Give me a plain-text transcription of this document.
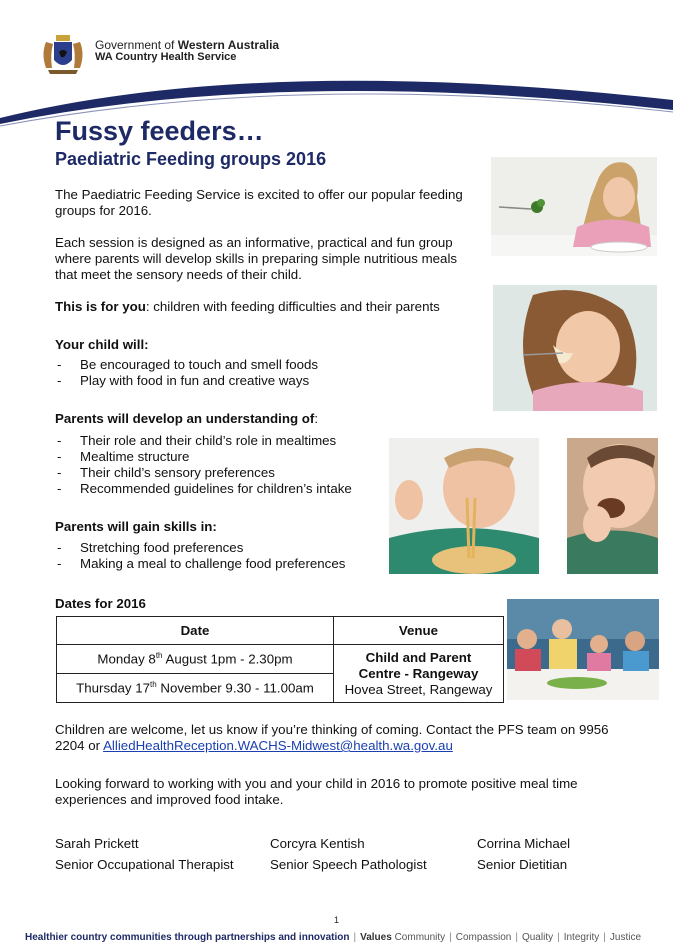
Government of Western Australia
WA Country Health Service
Fussy feeders…
Paediatric Feeding groups 2016
The Paediatric Feeding Service is excited to offer our popular feeding groups for 2016.
Each session is designed as an informative, practical and fun group where parents will develop skills in preparing simple nutritious meals that meet the sensory needs of their child.
This is for you: children with feeding difficulties and their parents
Your child will:
- Be encouraged to touch and smell foods
- Play with food in fun and creative ways
Parents will develop an understanding of:
- Their role and their child’s role in mealtimes
- Mealtime structure
- Their child’s sensory preferences
- Recommended guidelines for children’s intake
Parents will gain skills in:
- Stretching food preferences
- Making a meal to challenge food preferences
Dates for 2016
Date	Venue
Monday 8th August 1pm - 2.30pm	Child and Parent
Centre - Rangeway
Hovea Street, Rangeway
Thursday 17th November 9.30 - 11.00am	
Children are welcome, let us know if you’re thinking of coming. Contact the PFS team on 9956 2204 or AlliedHealthReception.WACHS-Midwest@health.wa.gov.au
Looking forward to working with you and your child in 2016 to promote positive meal time experiences and improved food intake.
Sarah Prickett
Senior Occupational Therapist
Corcyra Kentish
Senior Speech Pathologist
Corrina Michael
Senior Dietitian
1
Healthier country communities through partnerships and innovation | Values Community | Compassion | Quality | Integrity | Justice
